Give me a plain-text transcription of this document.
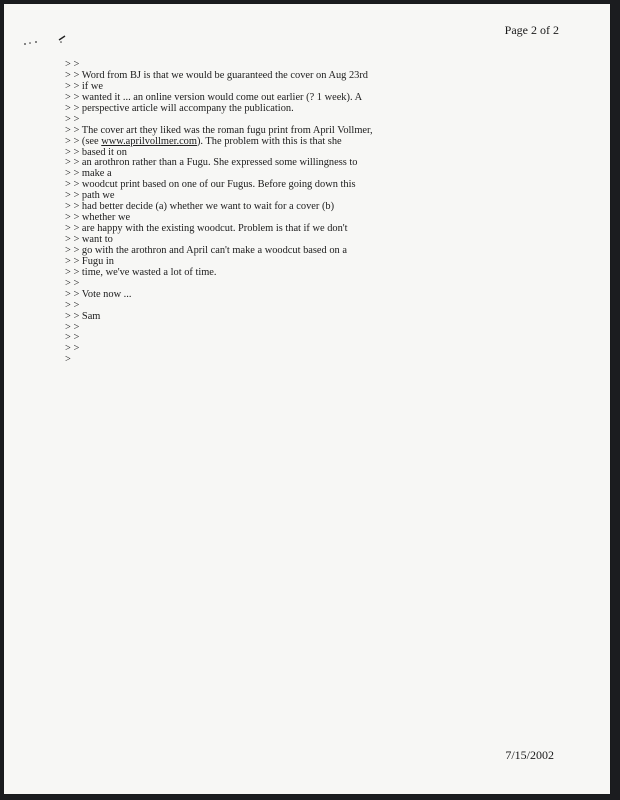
Page 2 of 2
> >
> > Word from BJ is that we would be guaranteed the cover on Aug 23rd
> > if we
> > wanted it ... an online version would come out earlier (? 1 week). A
> > perspective article will accompany the publication.
> >
> > The cover art they liked was the roman fugu print from April Vollmer,
> > (see www.aprilvollmer.com). The problem with this is that she
> > based it on
> > an arothron rather than a Fugu. She expressed some willingness to
> > make a
> > woodcut print based on one of our Fugus. Before going down this
> > path we
> > had better decide (a) whether we want to wait for a cover (b)
> > whether we
> > are happy with the existing woodcut. Problem is that if we don't
> > want to
> > go with the arothron and April can't make a woodcut based on a
> > Fugu in
> > time, we've wasted a lot of time.
> >
> > Vote now ...
> >
> > Sam
> >
> >
> >
>
7/15/2002
